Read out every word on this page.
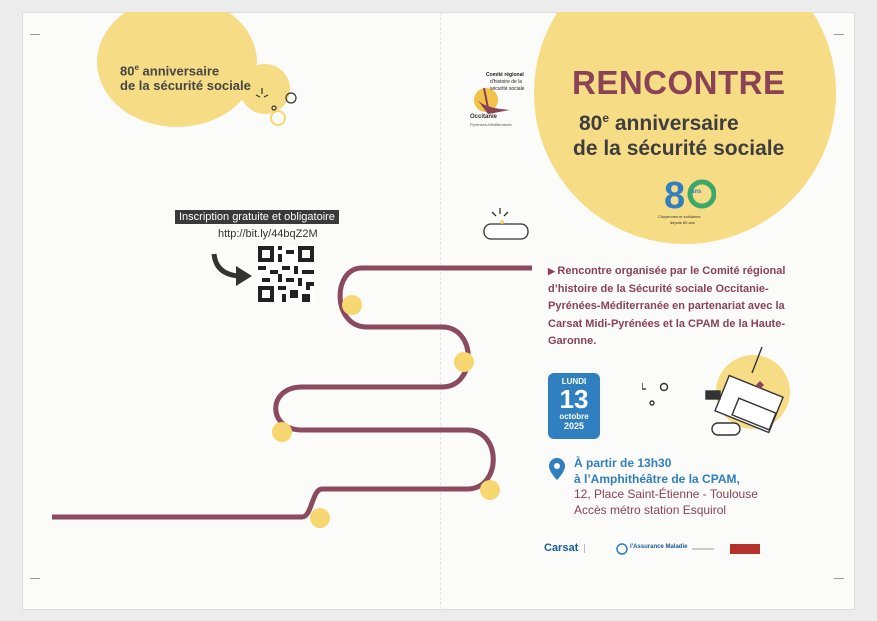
80e anniversaire
de la sécurité sociale
Inscription gratuite et obligatoire
http://bit.ly/44bqZ2M
Comité régional
d'histoire de la
sécurité sociale
Occitanie
Pyrénées-Méditerranée
RENCONTRE
80e anniversaire
de la sécurité sociale
8 ans
Citoyennes et solidaires
depuis 80 ans
▶ Rencontre organisée par le Comité régional
d’histoire de la Sécurité sociale Occitanie-
Pyrénées-Méditerranée en partenariat avec la
Carsat Midi-Pyrénées et la CPAM de la Haute-
Garonne.
LUNDI
13
octobre
2025
À partir de 13h30
à l’Amphithéâtre de la CPAM,
12, Place Saint-Étienne - Toulouse
Accès métro station Esquirol
Carsat	l'Assurance Maladie
